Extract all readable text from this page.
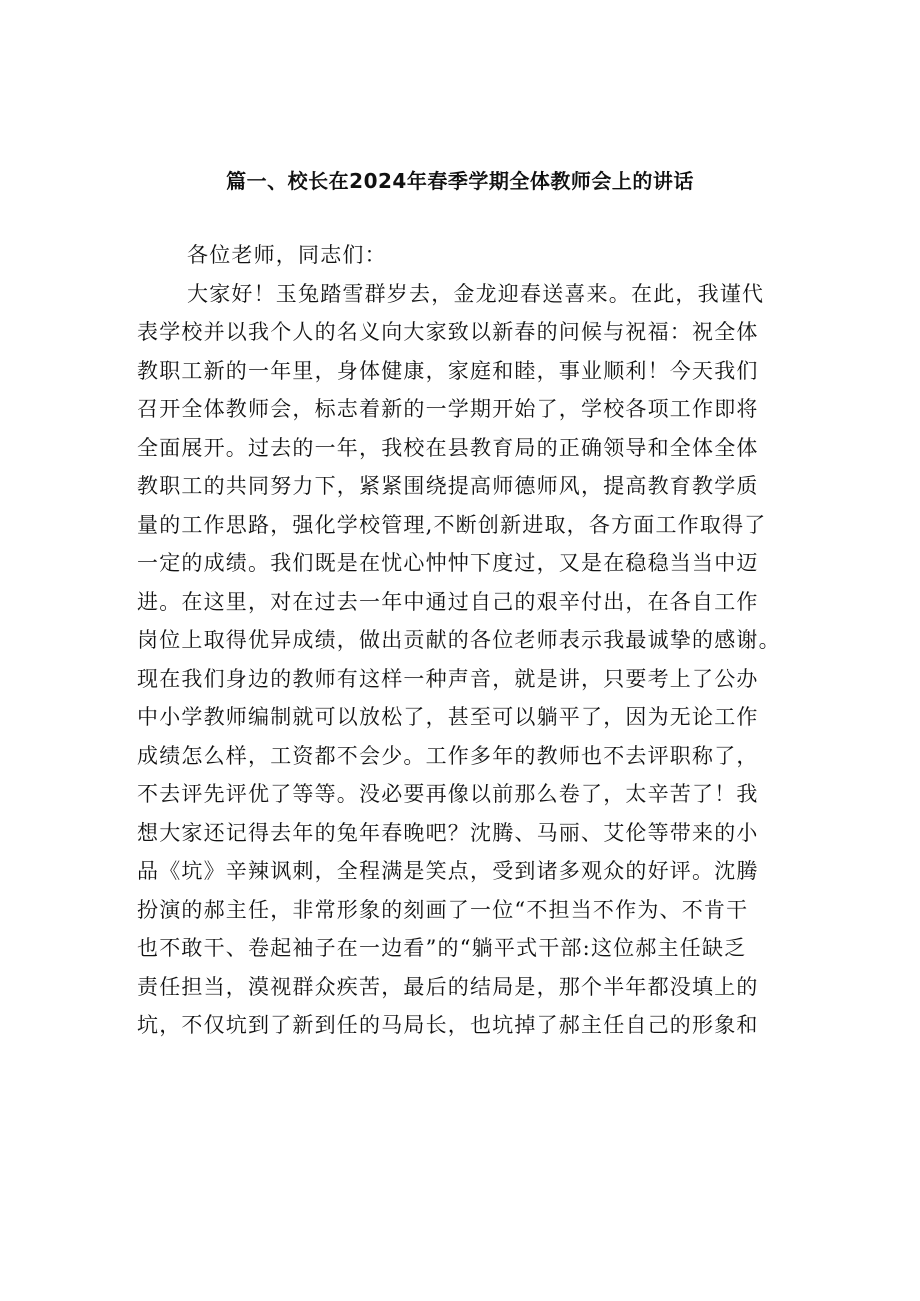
篇一、校长在2024年春季学期全体教师会上的讲话
各位老师，同志们：
大家好！玉兔踏雪群岁去，金龙迎春送喜来。在此，我谨代
表学校并以我个人的名义向大家致以新春的问候与祝福：祝全体
教职工新的一年里，身体健康，家庭和睦，事业顺利！今天我们
召开全体教师会，标志着新的一学期开始了，学校各项工作即将
全面展开。过去的一年，我校在县教育局的正确领导和全体全体
教职工的共同努力下，紧紧围绕提高师德师风，提高教育教学质
量的工作思路，强化学校管理,不断创新进取，各方面工作取得了
一定的成绩。我们既是在忧心忡忡下度过，又是在稳稳当当中迈
进。在这里，对在过去一年中通过自己的艰辛付出，在各自工作
岗位上取得优异成绩，做出贡献的各位老师表示我最诚挚的感谢。
现在我们身边的教师有这样一种声音，就是讲，只要考上了公办
中小学教师编制就可以放松了，甚至可以躺平了，因为无论工作
成绩怎么样，工资都不会少。工作多年的教师也不去评职称了，
不去评先评优了等等。没必要再像以前那么卷了，太辛苦了！我
想大家还记得去年的兔年春晚吧？沈腾、马丽、艾伦等带来的小
品《坑》辛辣讽刺，全程满是笑点，受到诸多观众的好评。沈腾
扮演的郝主任，非常形象的刻画了一位“不担当不作为、不肯干
也不敢干、卷起袖子在一边看”的“躺平式干部:这位郝主任缺乏
责任担当，漠视群众疾苦，最后的结局是，那个半年都没填上的
坑，不仅坑到了新到任的马局长，也坑掉了郝主任自己的形象和
